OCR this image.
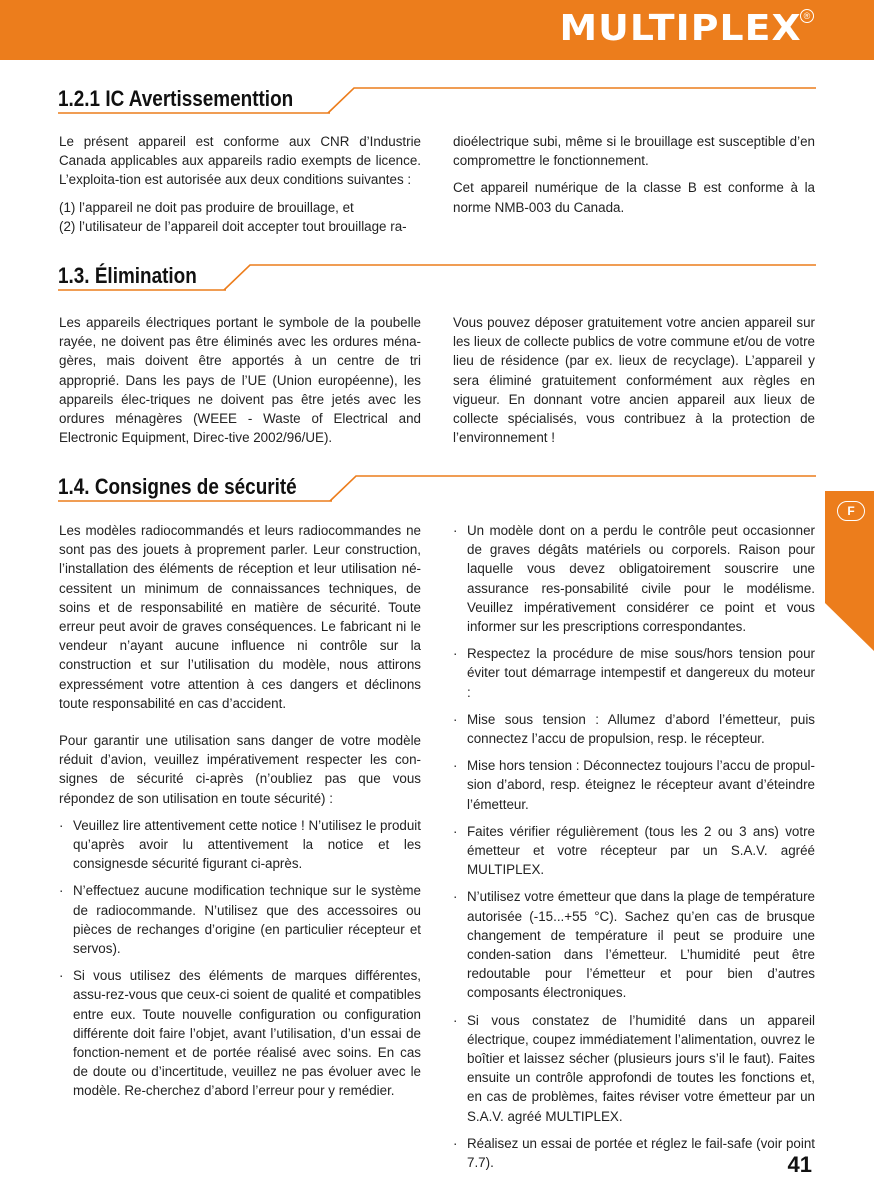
MULTIPLEX ®
F
1.2.1 IC Avertissementtion

Le présent appareil est conforme aux CNR d’Industrie Canada applicables aux appareils radio exempts de licence. L’exploita-tion est autorisée aux deux conditions suivantes :

(1) l’appareil ne doit pas produire de brouillage, et

(2) l’utilisateur de l’appareil doit accepter tout brouillage ra-

dioélectrique subi, même si le brouillage est susceptible d’en compromettre le fonctionnement.

Cet appareil numérique de la classe B est conforme à la norme NMB-003 du Canada.

1.3. Élimination

Les appareils électriques portant le symbole de la poubelle rayée, ne doivent pas être éliminés avec les ordures ména-gères, mais doivent être apportés à un centre de tri approprié. Dans les pays de l’UE (Union européenne), les appareils élec-triques ne doivent pas être jetés avec les ordures ménagères (WEEE - Waste of Electrical and Electronic Equipment, Direc-tive 2002/96/UE).

Vous pouvez déposer gratuitement votre ancien appareil sur les lieux de collecte publics de votre commune et/ou de votre lieu de résidence (par ex. lieux de recyclage). L’appareil y sera éliminé gratuitement conformément aux règles en vigueur. En donnant votre ancien appareil aux lieux de collecte spécialisés, vous contribuez à la protection de l’environnement !

1.4. Consignes de sécurité

Les modèles radiocommandés et leurs radiocommandes ne sont pas des jouets à proprement parler. Leur construction, l’installation des éléments de réception et leur utilisation né-cessitent un minimum de connaissances techniques, de soins et de responsabilité en matière de sécurité. Toute erreur peut avoir de graves conséquences. Le fabricant ni le vendeur n’ayant aucune influence ni contrôle sur la construction et sur l’utilisation du modèle, nous attirons expressément votre attention à ces dangers et déclinons toute responsabilité en cas d’accident.

Pour garantir une utilisation sans danger de votre modèle réduit d’avion, veuillez impérativement respecter les con-signes de sécurité ci-après (n’oubliez pas que vous répondez de son utilisation en toute sécurité) :

· Veuillez lire attentivement cette notice ! N’utilisez le produit qu’après avoir lu attentivement la notice et les consignesde sécurité figurant ci-après.
· N’effectuez aucune modification technique sur le système de radiocommande. N’utilisez que des accessoires ou pièces de rechanges d’origine (en particulier récepteur et servos).
· Si vous utilisez des éléments de marques différentes, assu-rez-vous que ceux-ci soient de qualité et compatibles entre eux. Toute nouvelle configuration ou configuration différente doit faire l’objet, avant l’utilisation, d’un essai de fonction-nement et de portée réalisé avec soins. En cas de doute ou d’incertitude, veuillez ne pas évoluer avec le modèle. Re-cherchez d’abord l’erreur pour y remédier.
· Un modèle dont on a perdu le contrôle peut occasionner de graves dégâts matériels ou corporels. Raison pour laquelle vous devez obligatoirement souscrire une assurance res-ponsabilité civile pour le modélisme. Veuillez impérativement considérer ce point et vous informer sur les prescriptions correspondantes.
· Respectez la procédure de mise sous/hors tension pour éviter tout démarrage intempestif et dangereux du moteur :
· Mise sous tension : Allumez d’abord l’émetteur, puis connectez l’accu de propulsion, resp. le récepteur.
· Mise hors tension : Déconnectez toujours l’accu de propul-sion d’abord, resp. éteignez le récepteur avant d’éteindre l’émetteur.
· Faites vérifier régulièrement (tous les 2 ou 3 ans) votre émetteur et votre récepteur par un S.A.V. agréé MULTIPLEX.
· N’utilisez votre émetteur que dans la plage de température autorisée (-15...+55 °C). Sachez qu’en cas de brusque changement de température il peut se produire une conden-sation dans l’émetteur. L’humidité peut être redoutable pour l’émetteur et pour bien d’autres composants électroniques.
· Si vous constatez de l’humidité dans un appareil électrique, coupez immédiatement l’alimentation, ouvrez le boîtier et laissez sécher (plusieurs jours s’il le faut). Faites ensuite un contrôle approfondi de toutes les fonctions et, en cas de problèmes, faites réviser votre émetteur par un S.A.V. agréé MULTIPLEX.
· Réalisez un essai de portée et réglez le fail-safe (voir point 7.7).	41
